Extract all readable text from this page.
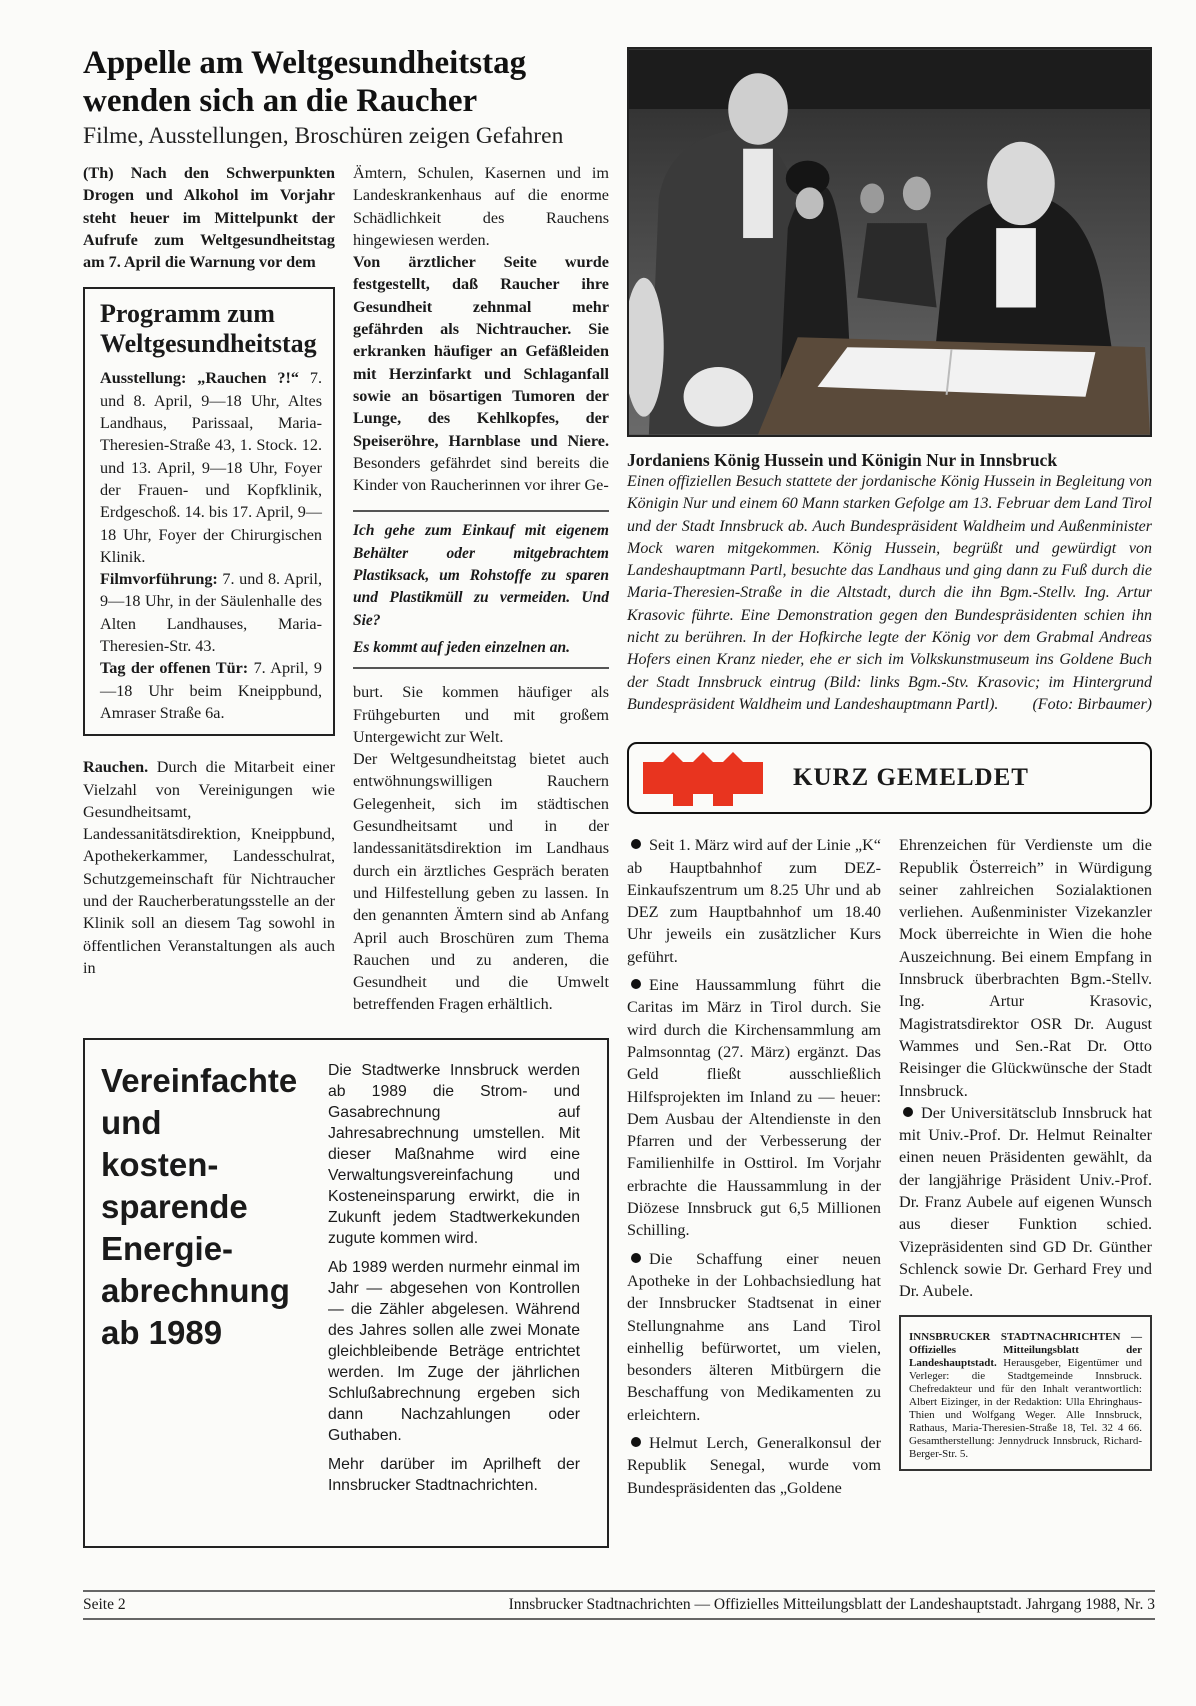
Appelle am Weltgesundheitstag
wenden sich an die Raucher
Filme, Ausstellungen, Broschüren zeigen Gefahren

(Th) Nach den Schwerpunkten Drogen und Alkohol im Vorjahr steht heuer im Mittelpunkt der Aufrufe zum Weltgesundheitstag am 7. April die Warnung vor dem

Programm zum
Weltgesundheitstag

Ausstellung: „Rauchen ?!“ 7. und 8. April, 9—18 Uhr, Altes Landhaus, Parissaal, Maria-Theresien-Straße 43, 1. Stock. 12. und 13. April, 9—18 Uhr, Foyer der Frauen- und Kopfklinik, Erdgeschoß. 14. bis 17. April, 9—18 Uhr, Foyer der Chirurgischen Klinik.

Filmvorführung: 7. und 8. April, 9—18 Uhr, in der Säulenhalle des Alten Landhauses, Maria-Theresien-Str. 43.

Tag der offenen Tür: 7. April, 9—18 Uhr beim Kneippbund, Amraser Straße 6a.

Rauchen. Durch die Mitarbeit einer Vielzahl von Vereinigungen wie Gesundheitsamt, Landessanitätsdirektion, Kneippbund, Apothekerkammer, Landesschulrat, Schutzgemeinschaft für Nichtraucher und der Raucherberatungsstelle an der Klinik soll an diesem Tag sowohl in öffentlichen Veranstaltungen als auch in

Ämtern, Schulen, Kasernen und im Landeskrankenhaus auf die enorme Schädlichkeit des Rauchens hingewiesen werden.

Von ärztlicher Seite wurde festgestellt, daß Raucher ihre Gesundheit zehnmal mehr gefährden als Nichtraucher. Sie erkranken häufiger an Gefäßleiden mit Herzinfarkt und Schlaganfall sowie an bösartigen Tumoren der Lunge, des Kehlkopfes, der Speiseröhre, Harnblase und Niere. Besonders gefährdet sind bereits die Kinder von Raucherinnen vor ihrer Ge-

Ich gehe zum Einkauf mit eigenem Behälter oder mitgebrachtem Plastiksack, um Rohstoffe zu sparen und Plastikmüll zu vermeiden. Und Sie?

Es kommt auf jeden einzelnen an.

burt. Sie kommen häufiger als Frühgeburten und mit großem Untergewicht zur Welt.

Der Weltgesundheitstag bietet auch entwöhnungswilligen Rauchern Gelegenheit, sich im städtischen Gesundheitsamt und in der landessanitätsdirektion im Landhaus durch ein ärztliches Gespräch beraten und Hilfestellung geben zu lassen. In den genannten Ämtern sind ab Anfang April auch Broschüren zum Thema Rauchen und zu anderen, die Gesundheit und die Umwelt betreffenden Fragen erhältlich.

Vereinfachte
und
kosten-
sparende
Energie-
abrechnung
ab 1989

Die Stadtwerke Innsbruck werden ab 1989 die Strom- und Gasabrechnung auf Jahresabrechnung umstellen. Mit dieser Maßnahme wird eine Verwaltungsvereinfachung und Kosteneinsparung erwirkt, die in Zukunft jedem Stadtwerkekunden zugute kommen wird.

Ab 1989 werden nurmehr einmal im Jahr — abgesehen von Kontrollen — die Zähler abgelesen. Während des Jahres sollen alle zwei Monate gleichbleibende Beträge entrichtet werden. Im Zuge der jährlichen Schlußabrechnung ergeben sich dann Nachzahlungen oder Guthaben.

Mehr darüber im Aprilheft der Innsbrucker Stadtnachrichten.

Jordaniens König Hussein und Königin Nur in Innsbruck
Einen offiziellen Besuch stattete der jordanische König Hussein in Begleitung von Königin Nur und einem 60 Mann starken Gefolge am 13. Februar dem Land Tirol und der Stadt Innsbruck ab. Auch Bundespräsident Waldheim und Außenminister Mock waren mitgekommen. König Hussein, begrüßt und gewürdigt von Landeshauptmann Partl, besuchte das Landhaus und ging dann zu Fuß durch die Maria-Theresien-Straße in die Altstadt, durch die ihn Bgm.-Stellv. Ing. Artur Krasovic führte. Eine Demonstration gegen den Bundespräsidenten schien ihn nicht zu berühren. In der Hofkirche legte der König vor dem Grabmal Andreas Hofers einen Kranz nieder, ehe er sich im Volkskunstmuseum ins Goldene Buch der Stadt Innsbruck eintrug (Bild: links Bgm.-Stv. Krasovic; im Hintergrund Bundespräsident Waldheim und Landeshauptmann Partl). (Foto: Birbaumer)
KURZ GEMELDET

Seit 1. März wird auf der Linie „K“ ab Hauptbahnhof zum DEZ-Einkaufszentrum um 8.25 Uhr und ab DEZ zum Hauptbahnhof um 18.40 Uhr jeweils ein zusätzlicher Kurs geführt.

Eine Haussammlung führt die Caritas im März in Tirol durch. Sie wird durch die Kirchensammlung am Palmsonntag (27. März) ergänzt. Das Geld fließt ausschließlich Hilfsprojekten im Inland zu — heuer: Dem Ausbau der Altendienste in den Pfarren und der Verbesserung der Familienhilfe in Osttirol. Im Vorjahr erbrachte die Haussammlung in der Diözese Innsbruck gut 6,5 Millionen Schilling.

Die Schaffung einer neuen Apotheke in der Lohbachsiedlung hat der Innsbrucker Stadtsenat in einer Stellungnahme ans Land Tirol einhellig befürwortet, um vielen, besonders älteren Mitbürgern die Beschaffung von Medikamenten zu erleichtern.

Helmut Lerch, Generalkonsul der Republik Senegal, wurde vom Bundespräsidenten das „Goldene

Ehrenzeichen für Verdienste um die Republik Österreich” in Würdigung seiner zahlreichen Sozialaktionen verliehen. Außenminister Vizekanzler Mock überreichte in Wien die hohe Auszeichnung. Bei einem Empfang in Innsbruck überbrachten Bgm.-Stellv. Ing. Artur Krasovic, Magistratsdirektor OSR Dr. August Wammes und Sen.-Rat Dr. Otto Reisinger die Glückwünsche der Stadt Innsbruck.

Der Universitätsclub Innsbruck hat mit Univ.-Prof. Dr. Helmut Reinalter einen neuen Präsidenten gewählt, da der langjährige Präsident Univ.-Prof. Dr. Franz Aubele auf eigenen Wunsch aus dieser Funktion schied. Vizepräsidenten sind GD Dr. Günther Schlenck sowie Dr. Gerhard Frey und Dr. Aubele.

INNSBRUCKER STADTNACHRICHTEN — Offizielles Mitteilungsblatt der Landeshauptstadt. Herausgeber, Eigentümer und Verleger: die Stadtgemeinde Innsbruck. Chefredakteur und für den Inhalt verantwortlich: Albert Eizinger, in der Redaktion: Ulla Ehringhaus-Thien und Wolfgang Weger. Alle Innsbruck, Rathaus, Maria-Theresien-Straße 18, Tel. 32 4 66. Gesamtherstellung: Jennydruck Innsbruck, Richard-Berger-Str. 5.
Seite 2	Innsbrucker Stadtnachrichten — Offizielles Mitteilungsblatt der Landeshauptstadt. Jahrgang 1988, Nr. 3
